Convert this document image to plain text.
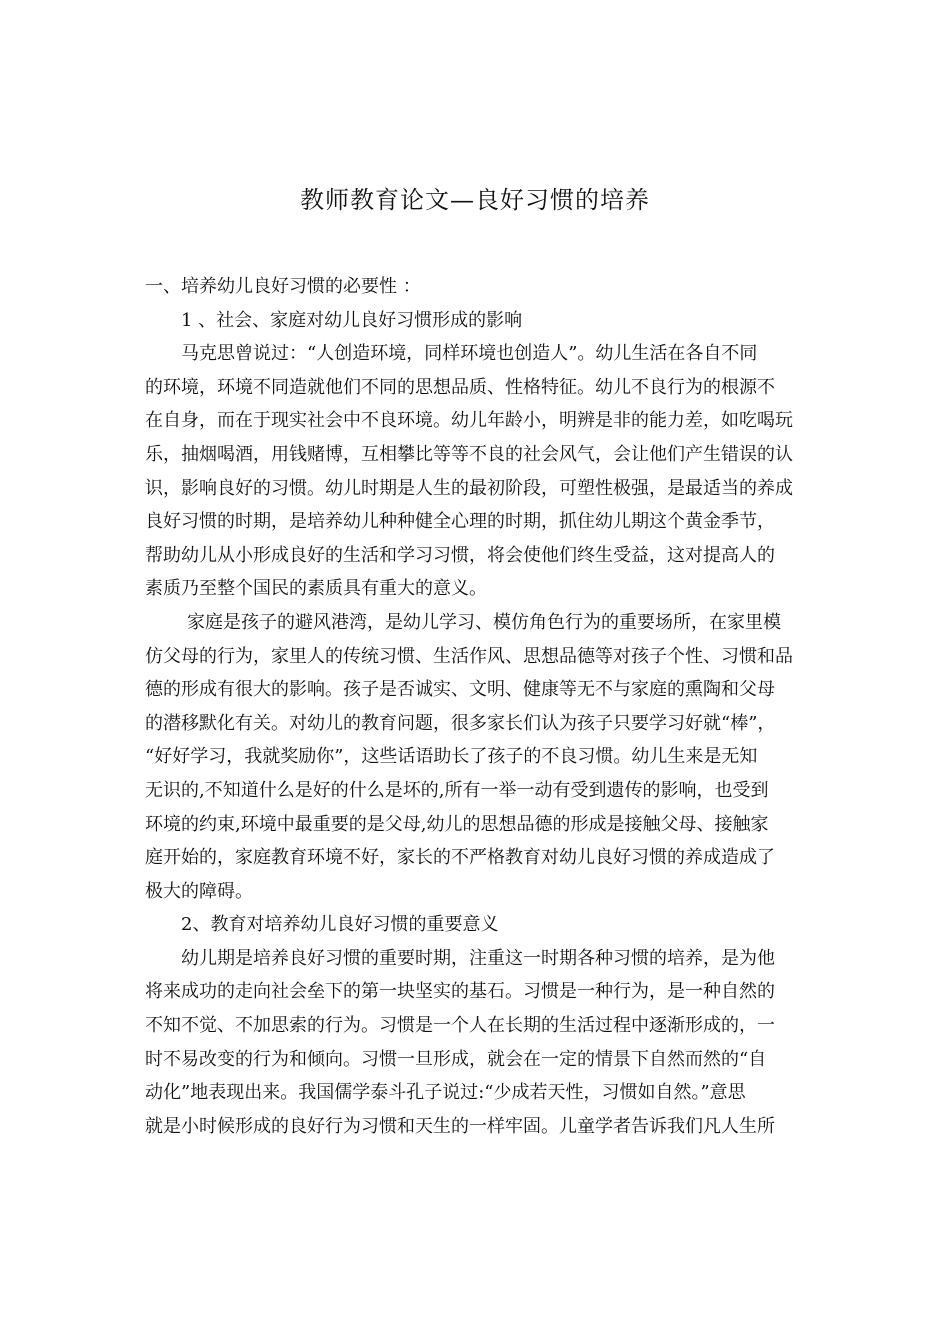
教师教育论文—良好习惯的培养
一、培养幼儿良好习惯的必要性 ：
1 、社会、家庭对幼儿良好习惯形成的影响
马克思曾说过：“人创造环境，同样环境也创造人”。幼儿生活在各自不同
的环境，环境不同造就他们不同的思想品质、性格特征。幼儿不良行为的根源不
在自身，而在于现实社会中不良环境。幼儿年龄小，明辨是非的能力差，如吃喝玩
乐，抽烟喝酒，用钱赌博，互相攀比等等不良的社会风气，会让他们产生错误的认
识，影响良好的习惯。幼儿时期是人生的最初阶段，可塑性极强，是最适当的养成
良好习惯的时期，是培养幼儿种种健全心理的时期，抓住幼儿期这个黄金季节，
帮助幼儿从小形成良好的生活和学习习惯，将会使他们终生受益，这对提高人的
素质乃至整个国民的素质具有重大的意义。
家庭是孩子的避风港湾，是幼儿学习、模仿角色行为的重要场所，在家里模
仿父母的行为，家里人的传统习惯、生活作风、思想品德等对孩子个性、习惯和品
德的形成有很大的影响。孩子是否诚实、文明、健康等无不与家庭的熏陶和父母
的潜移默化有关。对幼儿的教育问题，很多家长们认为孩子只要学习好就“棒”，
“好好学习，我就奖励你”，这些话语助长了孩子的不良习惯。幼儿生来是无知
无识的,不知道什么是好的什么是坏的,所有一举一动有受到遗传的影响，也受到
环境的约束,环境中最重要的是父母,幼儿的思想品德的形成是接触父母、接触家
庭开始的，家庭教育环境不好，家长的不严格教育对幼儿良好习惯的养成造成了
极大的障碍。
2、教育对培养幼儿良好习惯的重要意义
幼儿期是培养良好习惯的重要时期，注重这一时期各种习惯的培养，是为他
将来成功的走向社会垒下的第一块坚实的基石。习惯是一种行为，是一种自然的
不知不觉、不加思索的行为。习惯是一个人在长期的生活过程中逐渐形成的，一
时不易改变的行为和倾向。习惯一旦形成，就会在一定的情景下自然而然的“自
动化”地表现出来。我国儒学泰斗孔子说过:“少成若天性，习惯如自然。”意思
就是小时候形成的良好行为习惯和天生的一样牢固。儿童学者告诉我们凡人生所
